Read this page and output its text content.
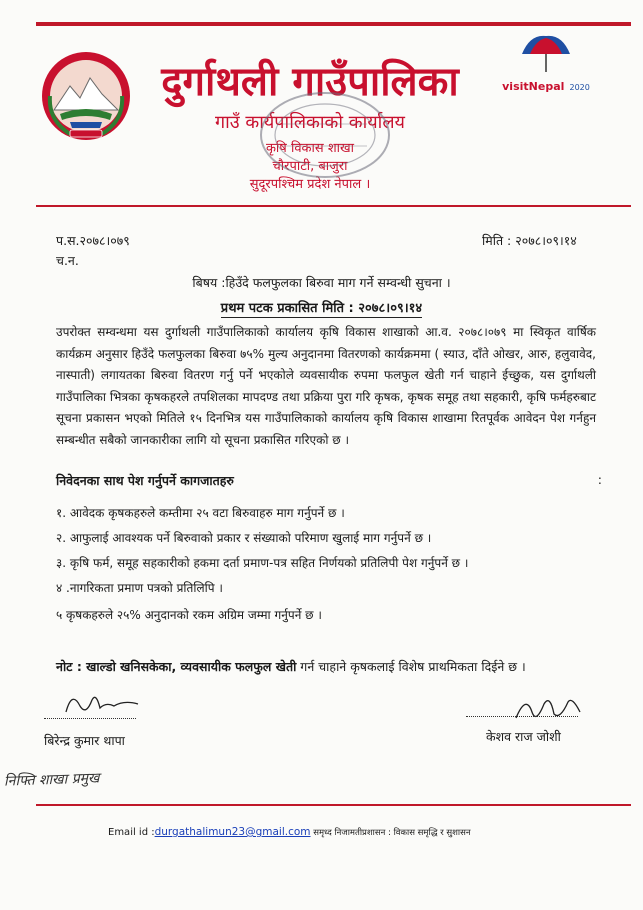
दुर्गाथली गाउँपालिका
गाउँ कार्यपालिकाको कार्यालय
कृषि विकास शाखा
चौरपाटी, बाजुरा
सुदूरपश्चिम प्रदेश नेपाल ।
visitNepal 2020
प.स.२०७८।०७९
च.न.
मिति : २०७८।०९।१४
बिषय :हिउँदे फलफुलका बिरुवा माग गर्ने सम्वन्धी सुचना ।
प्रथम पटक प्रकासित मिति : २०७८।०९।१४
उपरोक्त सम्वन्धमा यस दुर्गाथली गाउँपालिकाको कार्यालय कृषि विकास शाखाको आ.व. २०७८।०७९ मा स्विकृत वार्षिक कार्यक्रम अनुसार हिउँदे फलफुलका बिरुवा ७५% मुल्य अनुदानमा वितरणको कार्यक्रममा ( स्याउ, दाँते ओखर, आरु, हलुवावेद, नास्पाती) लगायतका बिरुवा वितरण गर्नु पर्ने भएकोले व्यवसायीक रुपमा फलफुल खेती गर्न चाहाने ईच्छुक, यस दुर्गाथली गाउँपालिका भित्रका कृषकहरले तपशिलका मापदण्ड तथा प्रक्रिया पुरा गरि कृषक, कृषक समूह तथा सहकारी, कृषि फर्महरुबाट सूचना प्रकासन भएको मितिले १५ दिनभित्र यस गाउँपालिकाको कार्यालय कृषि विकास शाखामा रितपूर्वक आवेदन पेश गर्नहुन सम्बन्धीत सबैको जानकारीका लागि यो सूचना प्रकासित गरिएको छ ।
निवेदनका साथ पेश गर्नुपर्ने कागजातहरु	:
१. आवेदक कृषकहरुले कम्तीमा २५ वटा बिरुवाहरु माग गर्नुपर्ने छ ।
२. आफुलाई आवश्यक पर्ने बिरुवाको प्रकार र संख्याको परिमाण खुलाई माग गर्नुपर्ने छ ।
३. कृषि फर्म, समूह सहकारीको हकमा दर्ता प्रमाण-पत्र सहित निर्णयको प्रतिलिपी पेश गर्नुपर्ने छ ।
४ .नागरिकता प्रमाण पत्रको प्रतिलिपि ।
५ कृषकहरुले २५% अनुदानको रकम अग्रिम जम्मा गर्नुपर्ने छ ।
नोट : खाल्डो खनिसकेका, व्यवसायीक फलफुल खेती गर्न चाहाने कृषकलाई विशेष प्राथमिकता दिईने छ ।
बिरेन्द्र कुमार थापा	केशव राज जोशी
निफ्ति शाखा प्रमुख
Email id :durgathalimun23@gmail.com समृध्द निजामतीप्रशासन : विकास समृद्धि र सुशासन
